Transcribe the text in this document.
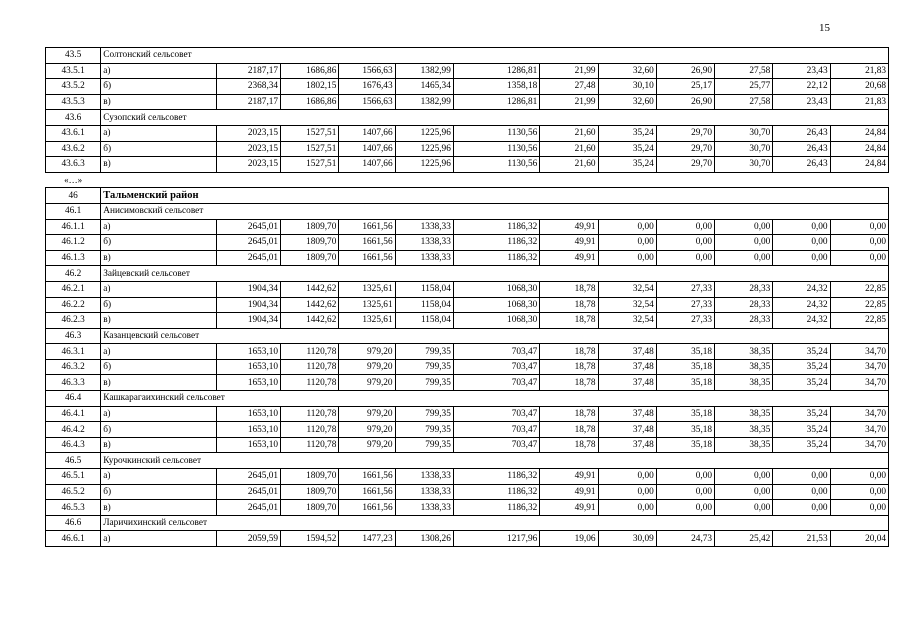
15
43.5	Солтонский сельсовет											
43.5.1	а)	2187,17	1686,86	1566,63	1382,99	1286,81	21,99	32,60	26,90	27,58	23,43	21,83
43.5.2	б)	2368,34	1802,15	1676,43	1465,34	1358,18	27,48	30,10	25,17	25,77	22,12	20,68
43.5.3	в)	2187,17	1686,86	1566,63	1382,99	1286,81	21,99	32,60	26,90	27,58	23,43	21,83
43.6	Сузопский сельсовет											
43.6.1	а)	2023,15	1527,51	1407,66	1225,96	1130,56	21,60	35,24	29,70	30,70	26,43	24,84
43.6.2	б)	2023,15	1527,51	1407,66	1225,96	1130,56	21,60	35,24	29,70	30,70	26,43	24,84
43.6.3	в)	2023,15	1527,51	1407,66	1225,96	1130,56	21,60	35,24	29,70	30,70	26,43	24,84
«…»												
46	Тальменский район											
46.1	Анисимовский сельсовет											
46.1.1	а)	2645,01	1809,70	1661,56	1338,33	1186,32	49,91	0,00	0,00	0,00	0,00	0,00
46.1.2	б)	2645,01	1809,70	1661,56	1338,33	1186,32	49,91	0,00	0,00	0,00	0,00	0,00
46.1.3	в)	2645,01	1809,70	1661,56	1338,33	1186,32	49,91	0,00	0,00	0,00	0,00	0,00
46.2	Зайцевский сельсовет											
46.2.1	а)	1904,34	1442,62	1325,61	1158,04	1068,30	18,78	32,54	27,33	28,33	24,32	22,85
46.2.2	б)	1904,34	1442,62	1325,61	1158,04	1068,30	18,78	32,54	27,33	28,33	24,32	22,85
46.2.3	в)	1904,34	1442,62	1325,61	1158,04	1068,30	18,78	32,54	27,33	28,33	24,32	22,85
46.3	Казанцевский сельсовет											
46.3.1	а)	1653,10	1120,78	979,20	799,35	703,47	18,78	37,48	35,18	38,35	35,24	34,70
46.3.2	б)	1653,10	1120,78	979,20	799,35	703,47	18,78	37,48	35,18	38,35	35,24	34,70
46.3.3	в)	1653,10	1120,78	979,20	799,35	703,47	18,78	37,48	35,18	38,35	35,24	34,70
46.4	Кашкарагаихинский сельсовет											
46.4.1	а)	1653,10	1120,78	979,20	799,35	703,47	18,78	37,48	35,18	38,35	35,24	34,70
46.4.2	б)	1653,10	1120,78	979,20	799,35	703,47	18,78	37,48	35,18	38,35	35,24	34,70
46.4.3	в)	1653,10	1120,78	979,20	799,35	703,47	18,78	37,48	35,18	38,35	35,24	34,70
46.5	Курочкинский сельсовет											
46.5.1	а)	2645,01	1809,70	1661,56	1338,33	1186,32	49,91	0,00	0,00	0,00	0,00	0,00
46.5.2	б)	2645,01	1809,70	1661,56	1338,33	1186,32	49,91	0,00	0,00	0,00	0,00	0,00
46.5.3	в)	2645,01	1809,70	1661,56	1338,33	1186,32	49,91	0,00	0,00	0,00	0,00	0,00
46.6	Ларичихинский сельсовет											
46.6.1	а)	2059,59	1594,52	1477,23	1308,26	1217,96	19,06	30,09	24,73	25,42	21,53	20,04
